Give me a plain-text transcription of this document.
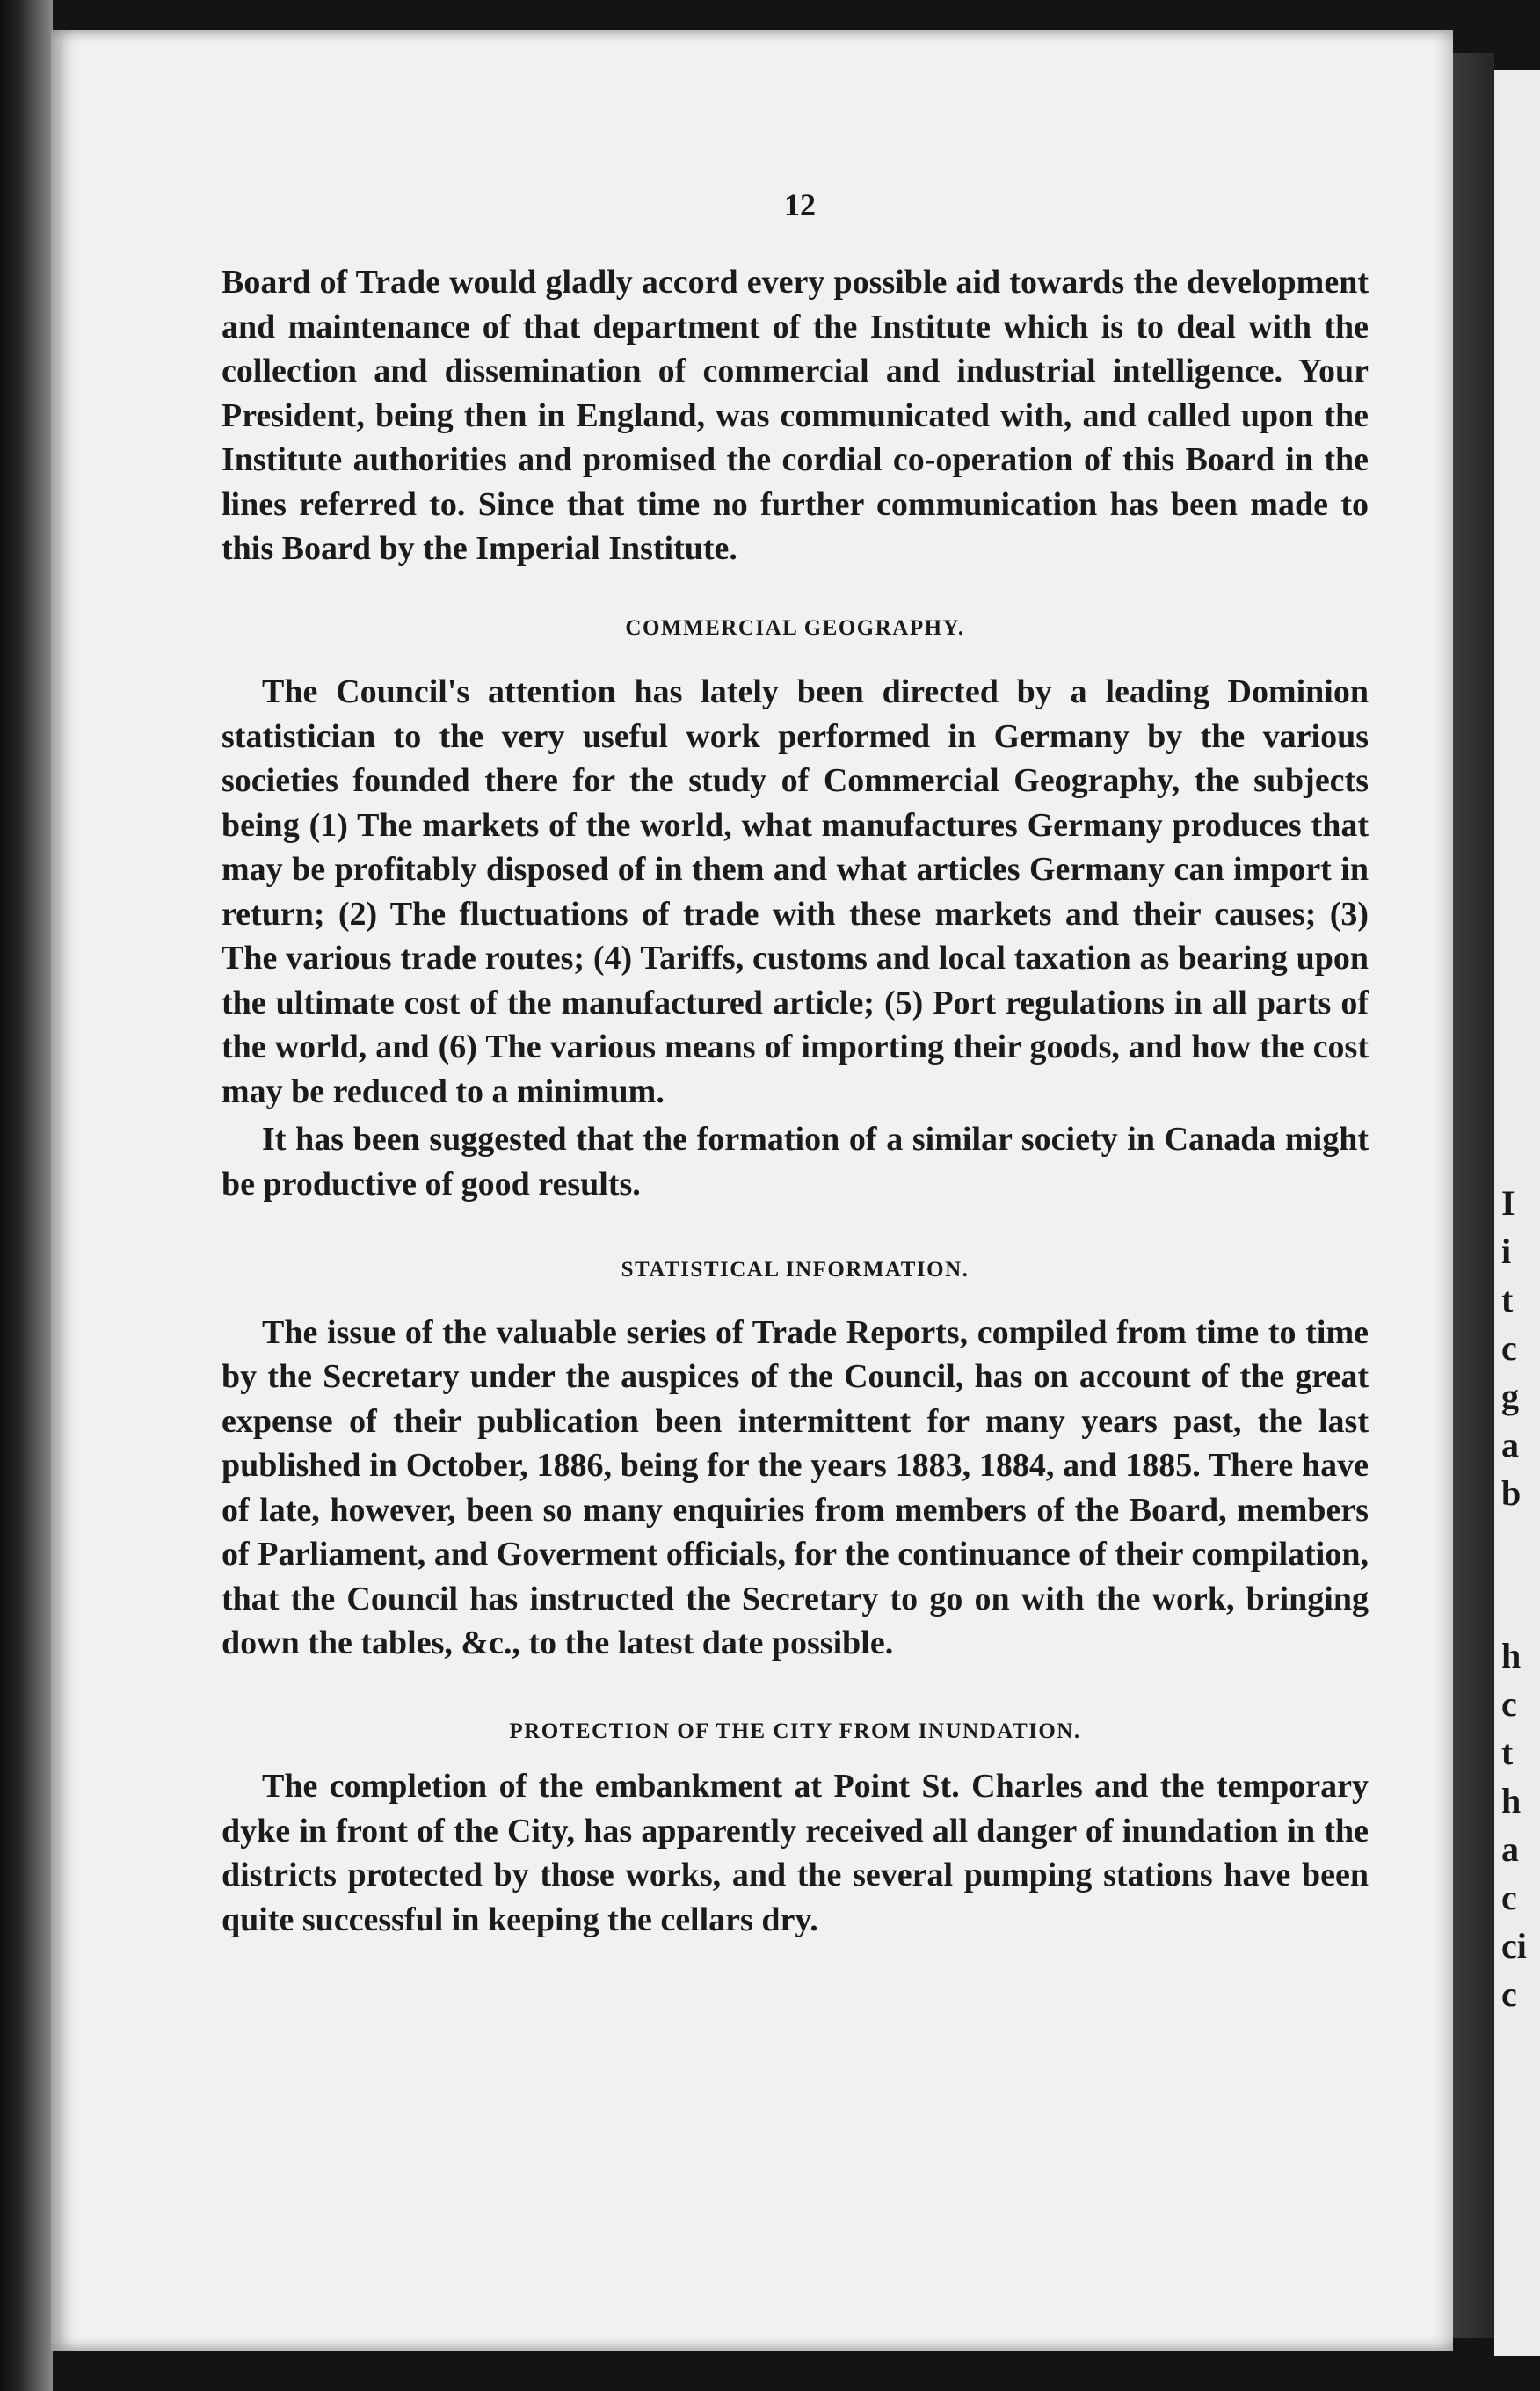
I
i
t
c
g
a
b
h
c
t
h
a
c
ci
c
12

Board of Trade would gladly accord every possible aid towards the development and maintenance of that department of the Institute which is to deal with the collection and dissemination of commercial and industrial intelligence. Your President, being then in England, was communicated with, and called upon the Institute authorities and promised the cordial co-operation of this Board in the lines referred to. Since that time no further communication has been made to this Board by the Imperial Institute.

COMMERCIAL GEOGRAPHY.

The Council's attention has lately been directed by a leading Dominion statistician to the very useful work performed in Germany by the various societies founded there for the study of Commercial Geography, the subjects being (1) The markets of the world, what manufactures Germany produces that may be profitably disposed of in them and what articles Germany can import in return; (2) The fluctuations of trade with these markets and their causes; (3) The various trade routes; (4) Tariffs, customs and local taxation as bearing upon the ultimate cost of the manufactured article; (5) Port regulations in all parts of the world, and (6) The various means of importing their goods, and how the cost may be reduced to a minimum.

It has been suggested that the formation of a similar society in Canada might be productive of good results.

STATISTICAL INFORMATION.

The issue of the valuable series of Trade Reports, compiled from time to time by the Secretary under the auspices of the Council, has on account of the great expense of their publication been intermittent for many years past, the last published in October, 1886, being for the years 1883, 1884, and 1885. There have of late, however, been so many enquiries from members of the Board, members of Parliament, and Goverment officials, for the continuance of their compilation, that the Council has instructed the Secretary to go on with the work, bringing down the tables, &c., to the latest date possible.

PROTECTION OF THE CITY FROM INUNDATION.

The completion of the embankment at Point St. Charles and the temporary dyke in front of the City, has apparently received all danger of inundation in the districts protected by those works, and the several pumping stations have been quite successful in keeping the cellars dry.
